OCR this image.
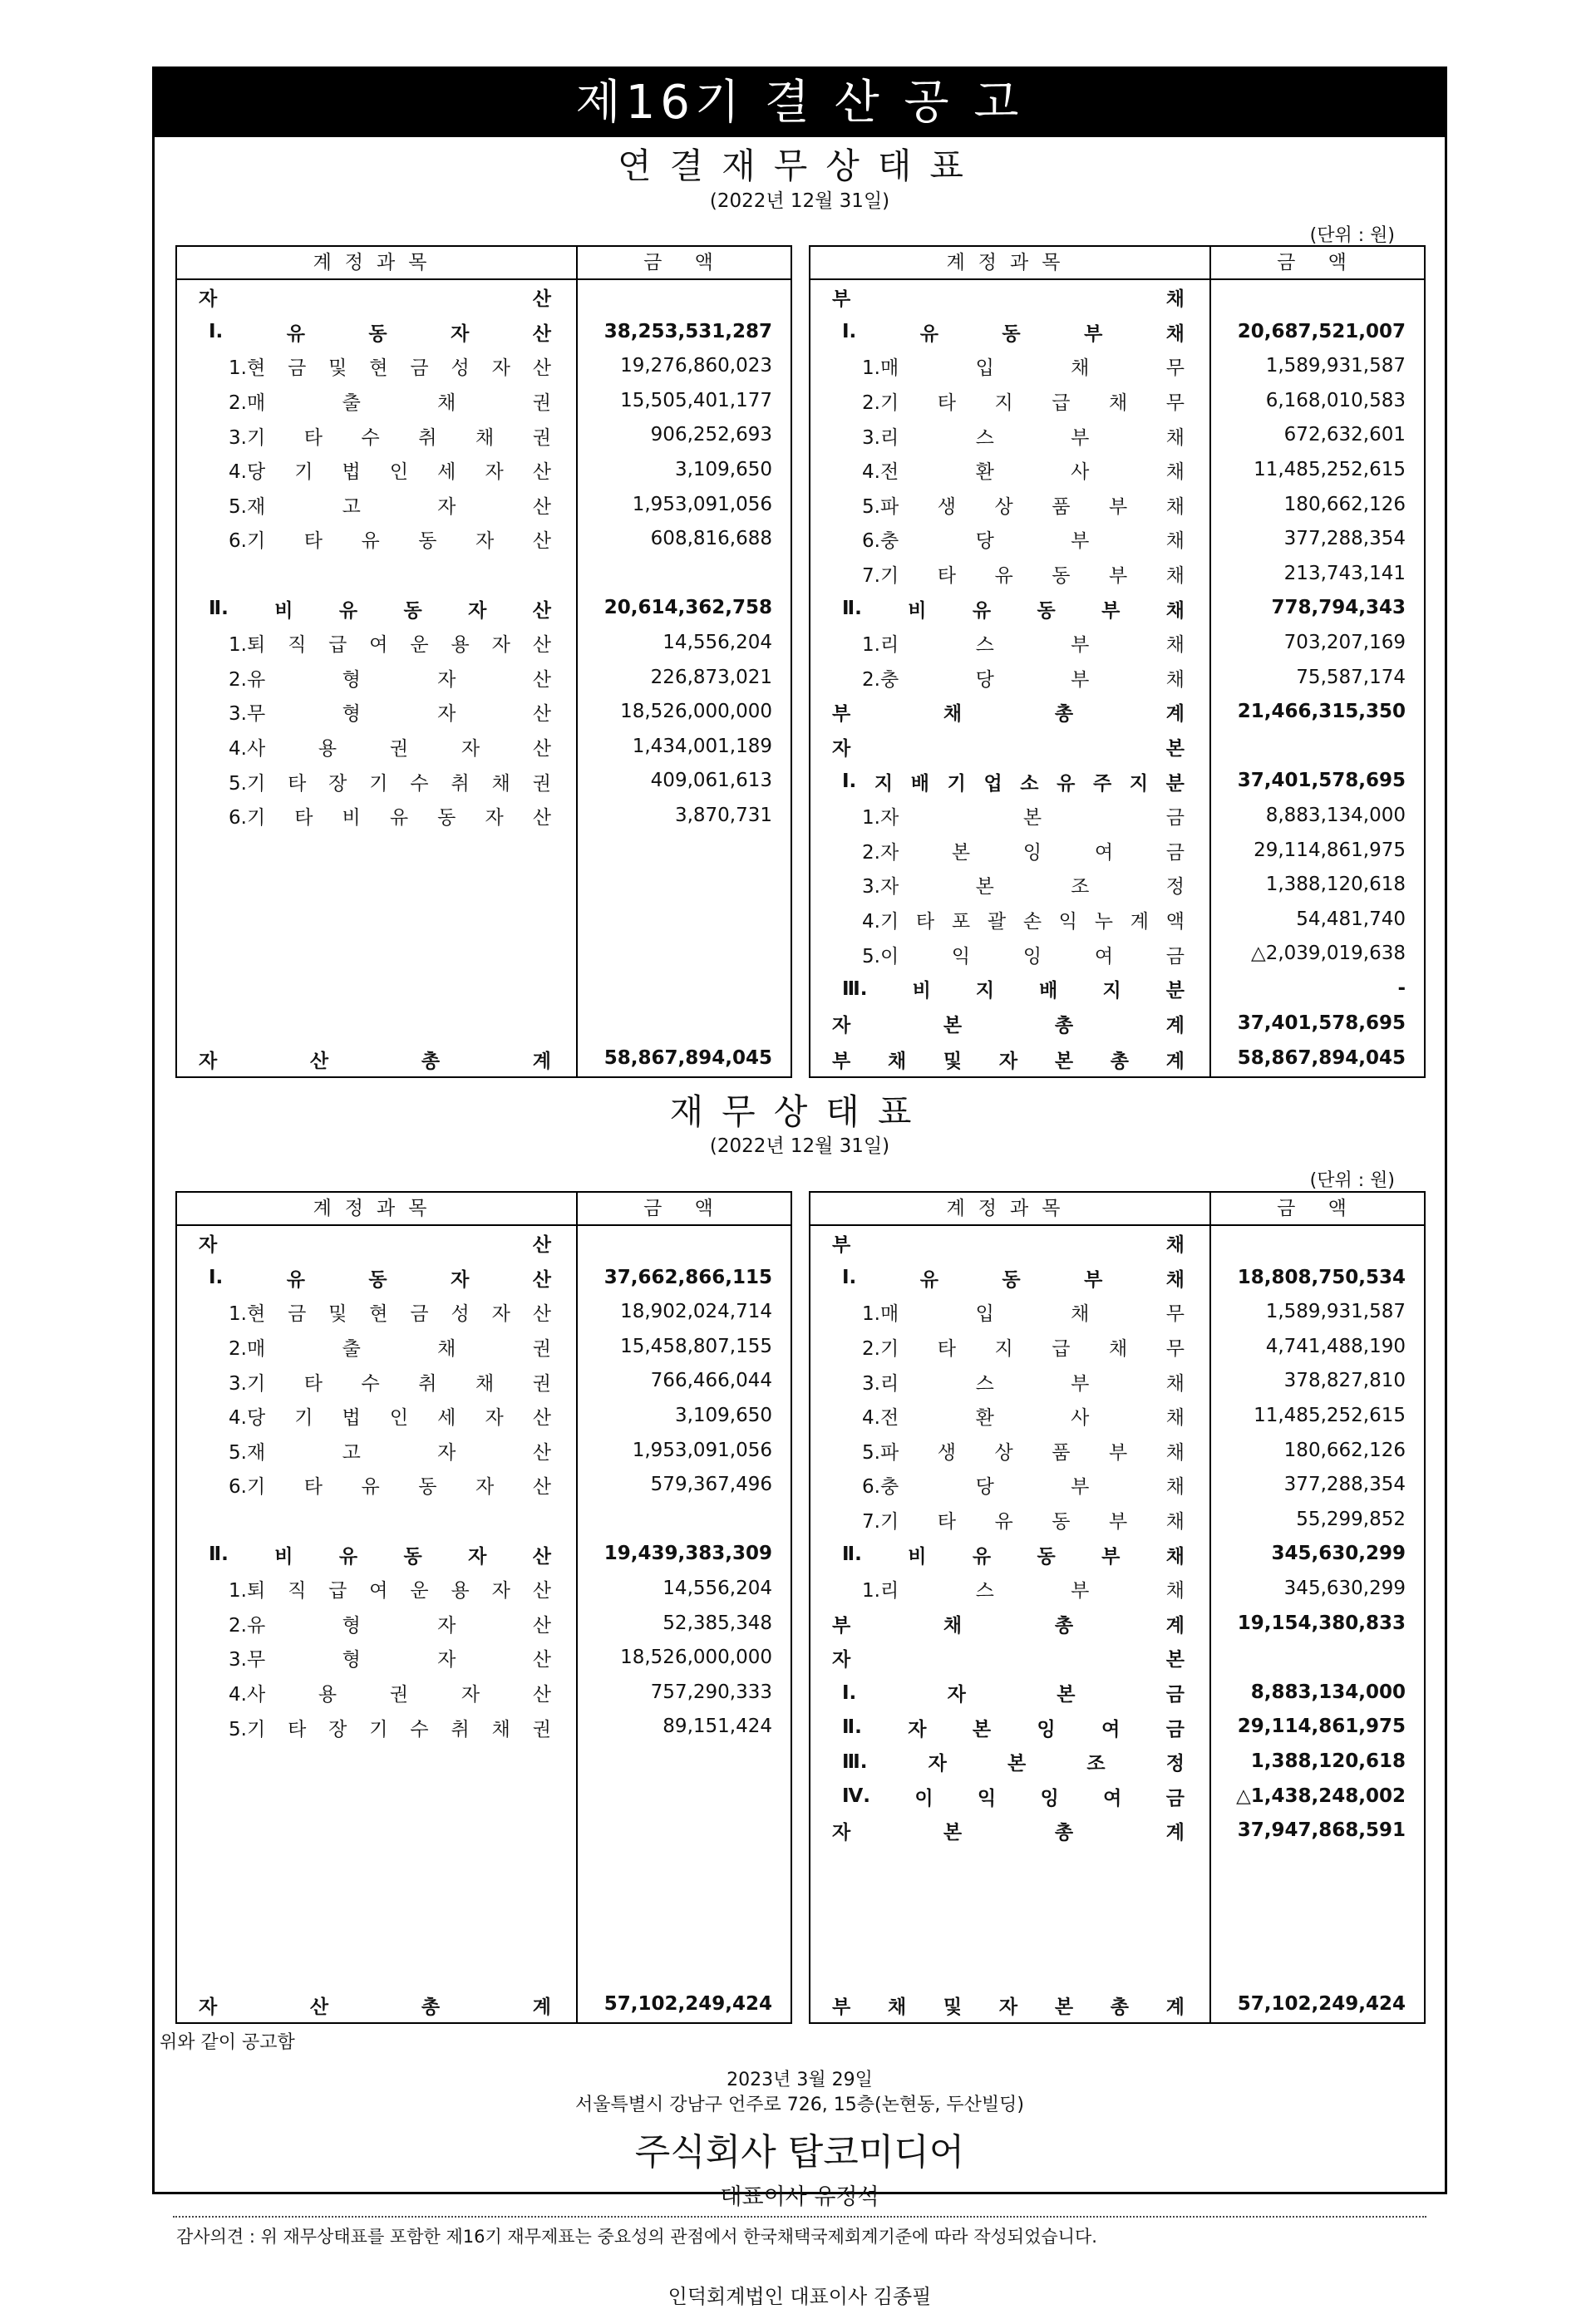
제16기 결 산 공 고
연결재무상태표
(2022년 12월 31일)
(단위 : 원)
계정과목	금 액
자	산
Ⅰ.	유	동	자	산	38,253,531,287
1.현 금 및 현 금 성 자 산	19,276,860,023
2.매	출	채	권	15,505,401,177
3.기 타 수 취 채 권	906,252,693
4.당 기 법 인 세 자 산	3,109,650
5.재	고	자	산	1,953,091,056
6.기 타 유 동 자 산	608,816,688
Ⅱ. 비 유 동 자 산	20,614,362,758
1.퇴 직 급 여 운 용 자 산	14,556,204
2.유	형	자	산	226,873,021
3.무	형	자	산	18,526,000,000
4.사	용	권	자	산	1,434,001,189
5.기 타 장 기 수 취 채 권	409,061,613
6.기 타 비 유 동 자 산	3,870,731
자	산	총	계	58,867,894,045
계정과목	금 액
부	채
Ⅰ.	유	동	부	채	20,687,521,007
1.매	입	채	무	1,589,931,587
2.기 타 지 급 채 무	6,168,010,583
3.리	스	부	채	672,632,601
4.전	환	사	채	11,485,252,615
5.파 생 상 품 부 채	180,662,126
6.충	당	부	채	377,288,354
7.기 타 유 동 부 채	213,743,141
Ⅱ. 비 유 동 부 채	778,794,343
1.리	스	부	채	703,207,169
2.충	당	부	채	75,587,174
부	채	총	계	21,466,315,350
자	본
Ⅰ. 지 배 기 업 소 유 주 지 분	37,401,578,695
1.자	본	금	8,883,134,000
2.자	본	잉	여	금	29,114,861,975
3.자	본	조	정	1,388,120,618
4.기 타 포 괄 손 익 누 계 액	54,481,740
5.이	익	잉	여	금	△2,039,019,638
Ⅲ. 비 지 배 지 분	-
자	본	총	계	37,401,578,695
부 채 및 자 본 총 계	58,867,894,045
재무상태표
(2022년 12월 31일)
(단위 : 원)
계정과목	금 액
자	산
Ⅰ.	유	동	자	산	37,662,866,115
1.현 금 및 현 금 성 자 산	18,902,024,714
2.매	출	채	권	15,458,807,155
3.기 타 수 취 채 권	766,466,044
4.당 기 법 인 세 자 산	3,109,650
5.재	고	자	산	1,953,091,056
6.기 타 유 동 자 산	579,367,496
Ⅱ. 비 유 동 자 산	19,439,383,309
1.퇴 직 급 여 운 용 자 산	14,556,204
2.유	형	자	산	52,385,348
3.무	형	자	산	18,526,000,000
4.사	용	권	자	산	757,290,333
5.기 타 장 기 수 취 채 권	89,151,424
자	산	총	계	57,102,249,424
계정과목	금 액
부	채
Ⅰ.	유	동	부	채	18,808,750,534
1.매	입	채	무	1,589,931,587
2.기 타 지 급 채 무	4,741,488,190
3.리	스	부	채	378,827,810
4.전	환	사	채	11,485,252,615
5.파 생 상 품 부 채	180,662,126
6.충	당	부	채	377,288,354
7.기 타 유 동 부 채	55,299,852
Ⅱ. 비 유 동 부 채	345,630,299
1.리	스	부	채	345,630,299
부	채	총	계	19,154,380,833
자	본
Ⅰ.	자	본	금	8,883,134,000
Ⅱ. 자 본 잉 여 금	29,114,861,975
Ⅲ.	자	본	조	정	1,388,120,618
Ⅳ. 이 익 잉 여 금	△1,438,248,002
자	본	총	계	37,947,868,591
부 채 및 자 본 총 계	57,102,249,424
위와 같이 공고함
2023년 3월 29일
서울특별시 강남구 언주로 726, 15층(논현동, 두산빌딩)
주식회사 탑코미디어
대표이사 유정석
감사의견 : 위 재무상태표를 포함한 제16기 재무제표는 중요성의 관점에서 한국채택국제회계기준에 따라 작성되었습니다.
인덕회계법인 대표이사 김종필
